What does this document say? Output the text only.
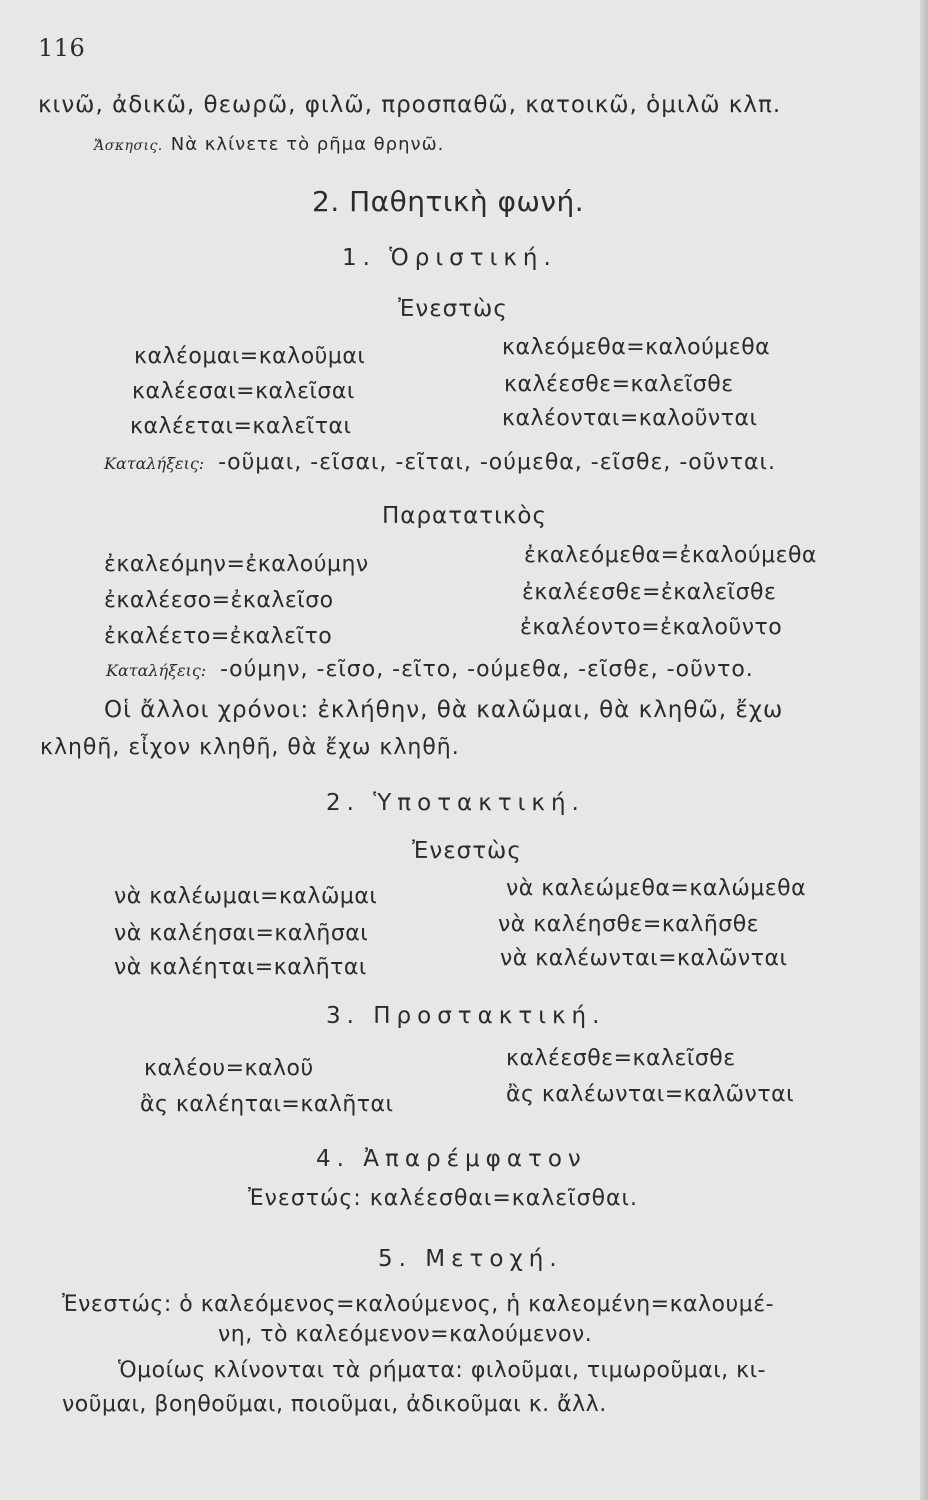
116
κινῶ, ἀδικῶ, θεωρῶ, φιλῶ, προσπαθῶ, κατοικῶ, ὁμιλῶ κλπ.
Ἄσκησις. Νὰ κλίνετε τὸ ρῆμα θρηνῶ.
2. Παθητικὴ φωνή.
1. Ὁριστική.
Ἐνεστὼς
καλέομαι=καλοῦμαι
καλέεσαι=καλεῖσαι
καλέεται=καλεῖται
καλεόμεθα=καλούμεθα
καλέεσθε=καλεῖσθε
καλέονται=καλοῦνται
Καταλήξεις: -οῦμαι, -εῖσαι, -εῖται, -ούμεθα, -εῖσθε, -οῦνται.
Παρατατικὸς
ἐκαλεόμην=ἐκαλούμην
ἐκαλέεσο=ἐκαλεῖσο
ἐκαλέετο=ἐκαλεῖτο
ἐκαλεόμεθα=ἐκαλούμεθα
ἐκαλέεσθε=ἐκαλεῖσθε
ἐκαλέοντο=ἐκαλοῦντο
Καταλήξεις: -ούμην, -εῖσο, -εῖτο, -ούμεθα, -εῖσθε, -οῦντο.
Οἱ ἄλλοι χρόνοι: ἐκλήθην, θὰ καλῶμαι, θὰ κληθῶ, ἔχω
κληθῆ, εἶχον κληθῆ, θὰ ἔχω κληθῆ.
2. Ὑποτακτική.
Ἐνεστὼς
νὰ καλέωμαι=καλῶμαι
νὰ καλέησαι=καλῆσαι
νὰ καλέηται=καλῆται
νὰ καλεώμεθα=καλώμεθα
νὰ καλέησθε=καλῆσθε
νὰ καλέωνται=καλῶνται
3. Προστακτική.
καλέου=καλοῦ
ἂς καλέηται=καλῆται
καλέεσθε=καλεῖσθε
ἂς καλέωνται=καλῶνται
4. Ἀπαρέμφατον
Ἐνεστώς: καλέεσθαι=καλεῖσθαι.
5. Μετοχή.
Ἐνεστώς: ὁ καλεόμενος=καλούμενος, ἡ καλεομένη=καλουμέ-
νη, τὸ καλεόμενον=καλούμενον.
Ὁμοίως κλίνονται τὰ ρήματα: φιλοῦμαι, τιμωροῦμαι, κι-
νοῦμαι, βοηθοῦμαι, ποιοῦμαι, ἀδικοῦμαι κ. ἄλλ.
